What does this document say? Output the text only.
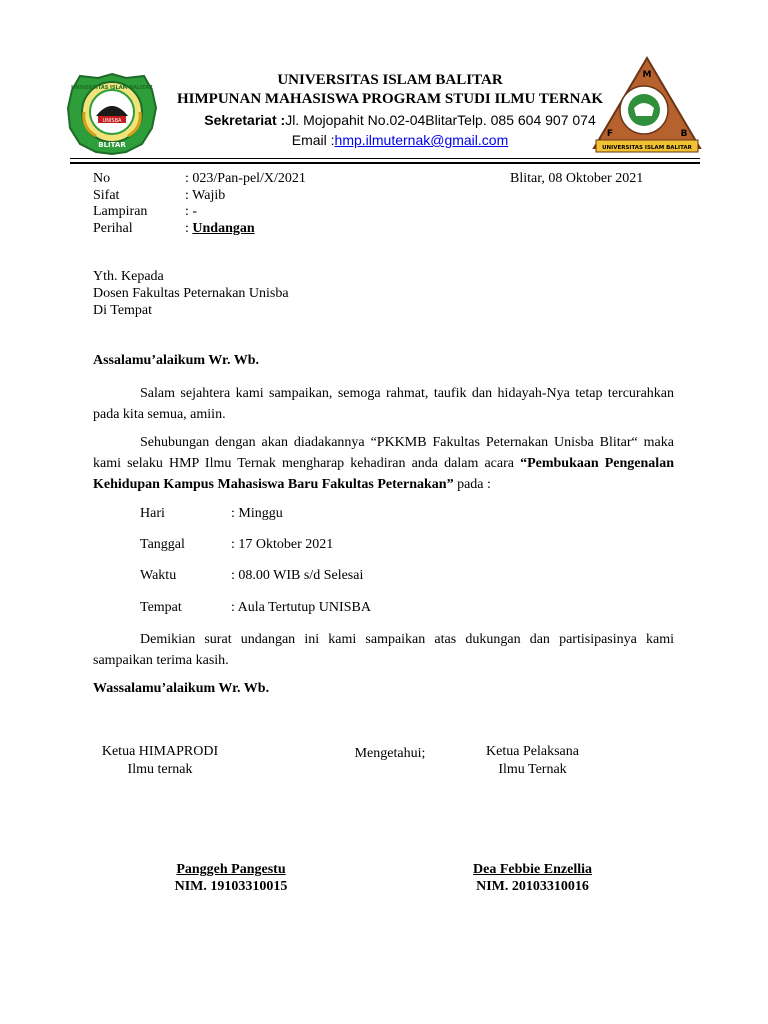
UNISBA
UNIVERSITAS ISLAM BALITAR
BLITAR
M
F	B
UNIVERSITAS ISLAM BALITAR
UNIVERSITAS ISLAM BALITAR
HIMPUNAN MAHASISWA PROGRAM STUDI ILMU TERNAK
Sekretariat :Jl. Mojopahit No.02-04BlitarTelp. 085 604 907 074
Email :hmp.ilmuternak@gmail.com
No	: 023/Pan-pel/X/2021
Sifat	: Wajib
Lampiran	: -
Perihal	: Undangan
Blitar, 08 Oktober 2021
Yth. Kepada
Dosen Fakultas Peternakan Unisba
Di Tempat
Assalamu’alaikum Wr. Wb.
Salam sejahtera kami sampaikan, semoga rahmat, taufik dan hidayah-Nya tetap tercurahkan pada kita semua, amiin.
Sehubungan dengan akan diadakannya “PKKMB Fakultas Peternakan Unisba Blitar“ maka kami selaku HMP Ilmu Ternak mengharap kehadiran anda dalam acara “Pembukaan Pengenalan Kehidupan Kampus Mahasiswa Baru Fakultas Peternakan” pada :
Hari	: Minggu
Tanggal	: 17 Oktober 2021
Waktu	: 08.00 WIB s/d Selesai
Tempat	: Aula Tertutup UNISBA
Demikian surat undangan ini kami sampaikan atas dukungan dan partisipasinya kami sampaikan terima kasih.
Wassalamu’alaikum Wr. Wb.
Ketua HIMAPRODI
Ilmu ternak
Mengetahui;	Ketua Pelaksana
Ilmu Ternak
Panggeh Pangestu
NIM. 19103310015
Dea Febbie Enzellia
NIM. 20103310016
